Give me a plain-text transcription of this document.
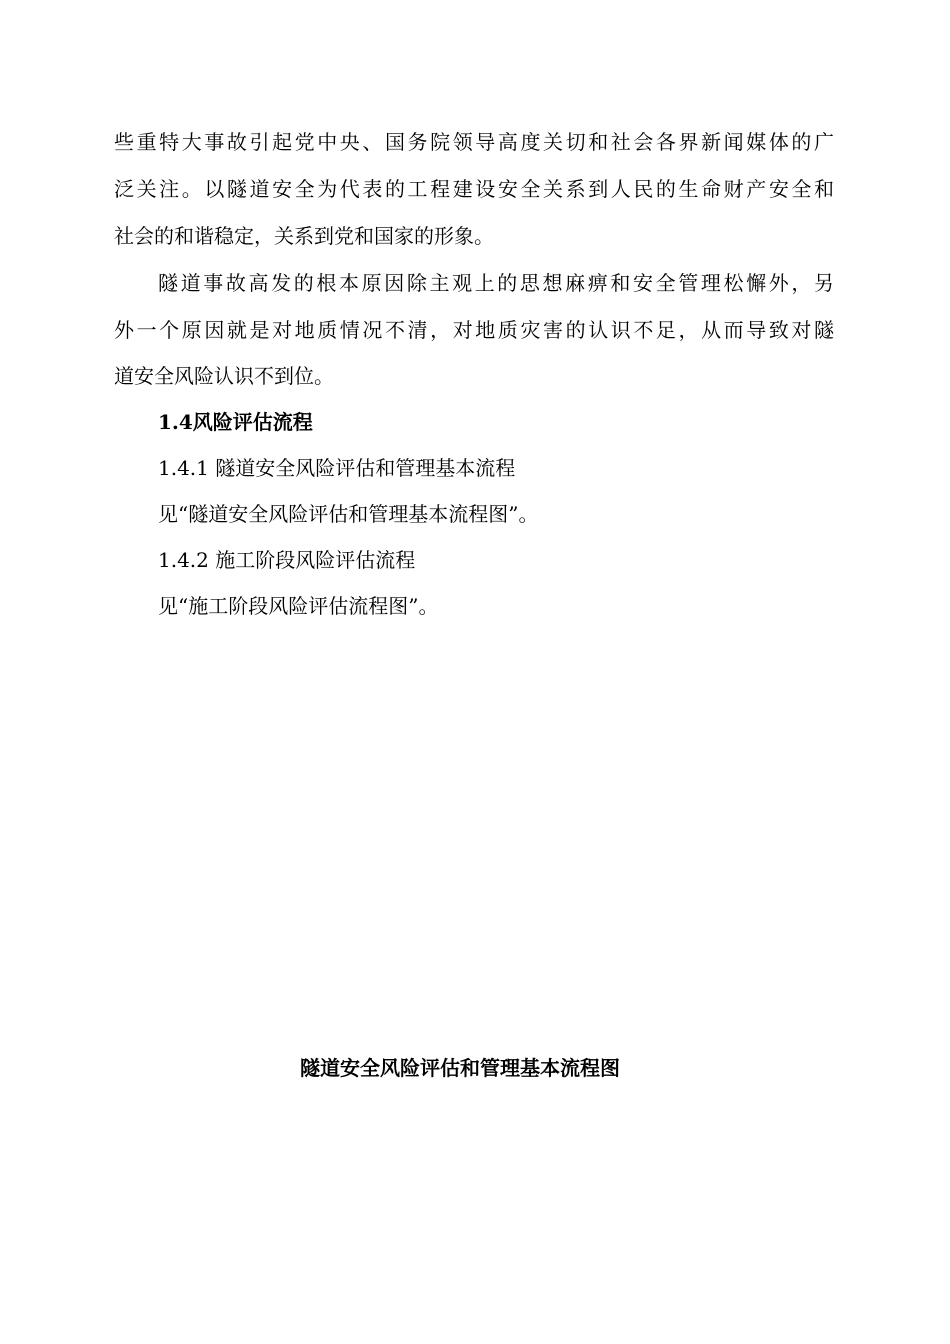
些重特大事故引起党中央、国务院领导高度关切和社会各界新闻媒体的广
泛关注。以隧道安全为代表的工程建设安全关系到人民的生命财产安全和
社会的和谐稳定，关系到党和国家的形象。
隧道事故高发的根本原因除主观上的思想麻痹和安全管理松懈外，另
外一个原因就是对地质情况不清，对地质灾害的认识不足，从而导致对隧
道安全风险认识不到位。
1.4风险评估流程
1.4.1 隧道安全风险评估和管理基本流程
见“隧道安全风险评估和管理基本流程图”。
1.4.2 施工阶段风险评估流程
见“施工阶段风险评估流程图”。
隧道安全风险评估和管理基本流程图
